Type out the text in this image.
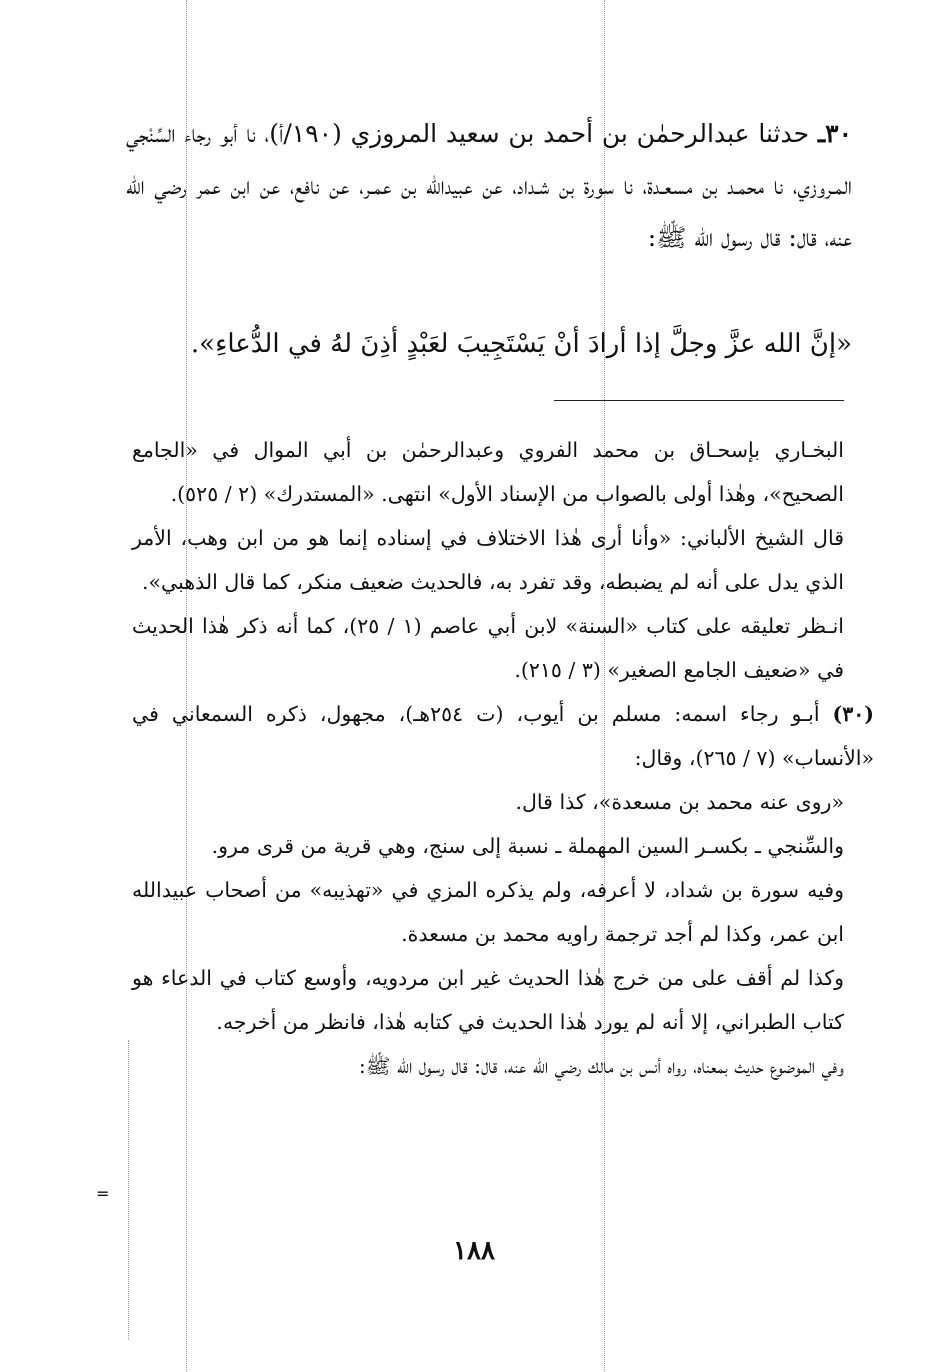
٣٠ـ حدثنا عبدالرحمٰن بن أحمد بن سعيد المروزي (١٩٠/أ)، نا أبو رجاء السِّنْجي المـروزي، نا محمـد بن مسعـدة، نا سورة بن شـداد، عن عبيدالله بن عمـر، عن نافع، عن ابن عمر رضي الله عنه، قال: قال رسول الله ﷺ:

«إنَّ الله عزَّ وجلَّ إذا أرادَ أنْ يَسْتَجِيبَ لعَبْدٍ أذِنَ لهُ في الدُّعاءِ».

البخـاري بإسحـاق بن محمد الفروي وعبدالرحمٰن بن أبي الموال في «الجامع الصحيح»، وهٰذا أولى بالصواب من الإسناد الأول» انتهى. «المستدرك» (٢ / ٥٢٥).

قال الشيخ الألباني: «وأنا أرى هٰذا الاختلاف في إسناده إنما هو من ابن وهب، الأمر الذي يدل على أنه لم يضبطه، وقد تفرد به، فالحديث ضعيف منكر، كما قال الذهبي».

انـظر تعليقه على كتاب «السنة» لابن أبي عاصم (١ / ٢٥)، كما أنه ذكر هٰذا الحديث في «ضعيف الجامع الصغير» (٣ / ٢١٥).

(٣٠) أبـو رجاء اسمه: مسلم بن أيوب، (ت ٢٥٤هـ)، مجهول، ذكره السمعاني في «الأنساب» (٧ / ٢٦٥)، وقال:

«روى عنه محمد بن مسعدة»، كذا قال.

والسِّنجي ـ بكسـر السين المهملة ـ نسبة إلى سنج، وهي قرية من قرى مرو.

وفيه سورة بن شداد، لا أعرفه، ولم يذكره المزي في «تهذيبه» من أصحاب عبيدالله ابن عمر، وكذا لم أجد ترجمة راويه محمد بن مسعدة.

وكذا لم أقف على من خرج هٰذا الحديث غير ابن مردويه، وأوسع كتاب في الدعاء هو كتاب الطبراني، إلا أنه لم يورد هٰذا الحديث في كتابه هٰذا، فانظر من أخرجه.

وفي الموضوع حديث بمعناه، رواه أنس بن مالك رضي الله عنه، قال: قال رسول الله ﷺ:

=
١٨٨
